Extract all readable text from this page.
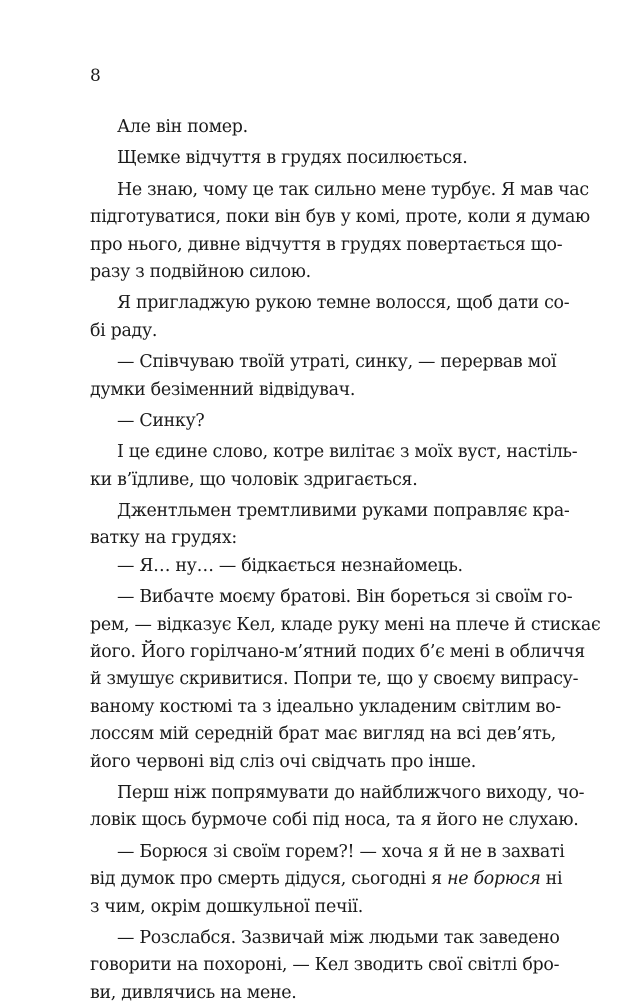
8
Але він помер.
Щемке відчуття в грудях посилюється.
Не знаю, чому це так сильно мене турбує. Я мав час
підготуватися, поки він був у комі, проте, коли я думаю
про нього, дивне відчуття в грудях повертається що-
разу з подвійною силою.
Я пригладжую рукою темне волосся, щоб дати со-
бі раду.
— Співчуваю твоїй утраті, синку, — перервав мої
думки безіменний відвідувач.
— Синку?
І це єдине слово, котре вилітає з моїх вуст, настіль-
ки в’їдливе, що чоловік здригається.
Джентльмен тремтливими руками поправляє кра-
ватку на грудях:
— Я… ну… — бідкається незнайомець.
— Вибачте моєму братові. Він бореться зі своїм го-
рем, — відказує Кел, кладе руку мені на плече й стискає
його. Його горілчано-м’ятний подих б’є мені в обличчя
й змушує скривитися. Попри те, що у своєму випрасу-
ваному костюмі та з ідеально укладеним світлим во-
лоссям мій середній брат має вигляд на всі дев’ять,
його червоні від сліз очі свідчать про інше.
Перш ніж попрямувати до найближчого виходу, чо-
ловік щось бурмоче собі під носа, та я його не слухаю.
— Борюся зі своїм горем?! — хоча я й не в захваті
від думок про смерть дідуся, сьогодні я не борюся ні
з чим, окрім дошкульної печії.
— Розслабся. Зазвичай між людьми так заведено
говорити на похороні, — Кел зводить свої світлі бро-
ви, дивлячись на мене.
